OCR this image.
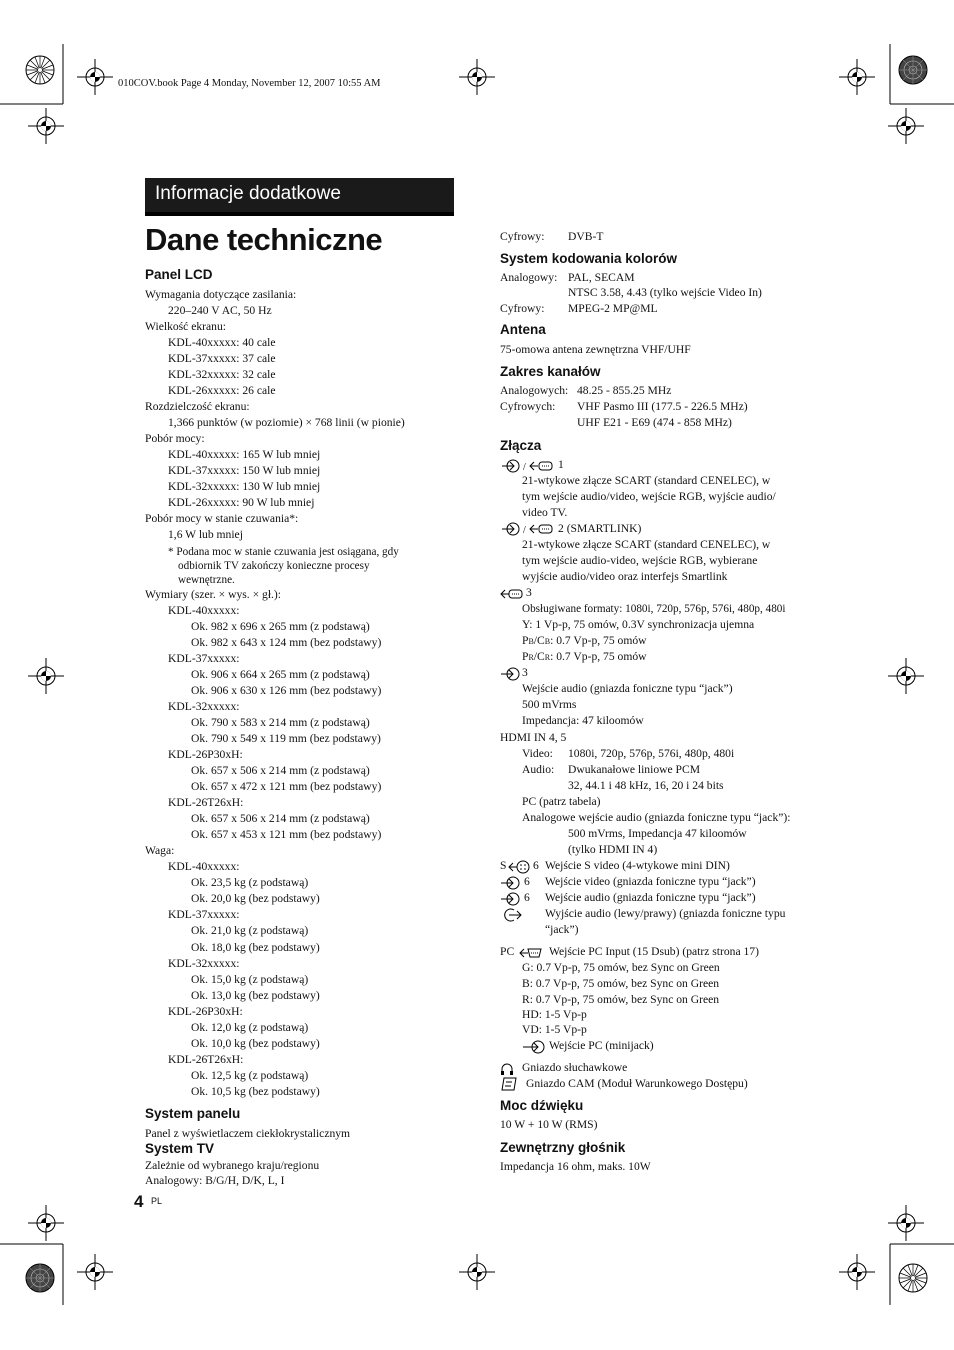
010COV.book Page 4 Monday, November 12, 2007 10:55 AM
Informacje dodatkowe
Dane techniczne
Panel LCD
Wymagania dotyczące zasilania:
220–240 V AC, 50 Hz
Wielkość ekranu:
KDL-40xxxxx: 40 cale
KDL-37xxxxx: 37 cale
KDL-32xxxxx: 32 cale
KDL-26xxxxx: 26 cale
Rozdzielczość ekranu:
1,366 punktów (w poziomie) × 768 linii (w pionie)
Pobór mocy:
KDL-40xxxxx: 165 W lub mniej
KDL-37xxxxx: 150 W lub mniej
KDL-32xxxxx: 130 W lub mniej
KDL-26xxxxx: 90 W lub mniej
Pobór mocy w stanie czuwania*:
1,6 W lub mniej
* Podana moc w stanie czuwania jest osiągana, gdy
odbiornik TV zakończy konieczne procesy
wewnętrzne.
Wymiary (szer. × wys. × gł.):
KDL-40xxxxx:
Ok. 982 x 696 x 265 mm (z podstawą)
Ok. 982 x 643 x 124 mm (bez podstawy)
KDL-37xxxxx:
Ok. 906 x 664 x 265 mm (z podstawą)
Ok. 906 x 630 x 126 mm (bez podstawy)
KDL-32xxxxx:
Ok. 790 x 583 x 214 mm (z podstawą)
Ok. 790 x 549 x 119 mm (bez podstawy)
KDL-26P30xH:
Ok. 657 x 506 x 214 mm (z podstawą)
Ok. 657 x 472 x 121 mm (bez podstawy)
KDL-26T26xH:
Ok. 657 x 506 x 214 mm (z podstawą)
Ok. 657 x 453 x 121 mm (bez podstawy)
Waga:
KDL-40xxxxx:
Ok. 23,5 kg (z podstawą)
Ok. 20,0 kg (bez podstawy)
KDL-37xxxxx:
Ok. 21,0 kg (z podstawą)
Ok. 18,0 kg (bez podstawy)
KDL-32xxxxx:
Ok. 15,0 kg (z podstawą)
Ok. 13,0 kg (bez podstawy)
KDL-26P30xH:
Ok. 12,0 kg (z podstawą)
Ok. 10,0 kg (bez podstawy)
KDL-26T26xH:
Ok. 12,5 kg (z podstawą)
Ok. 10,5 kg (bez podstawy)
System panelu
Panel z wyświetlaczem ciekłokrystalicznym
System TV
Zależnie od wybranego kraju/regionu
Analogowy: B/G/H, D/K, L, I
4 PL
Cyfrowy: DVB-T
System kodowania kolorów
Analogowy: PAL, SECAM
NTSC 3.58, 4.43 (tylko wejście Video In)
Cyfrowy: MPEG-2 MP@ML
Antena
75-omowa antena zewnętrzna VHF/UHF
Zakres kanałów
Analogowych: 48.25 - 855.25 MHz
Cyfrowych: VHF Pasmo III (177.5 - 226.5 MHz)
UHF E21 - E69 (474 - 858 MHz)
Złącza
/	1
21-wtykowe złącze SCART (standard CENELEC), w
tym wejście audio/video, wejście RGB, wyjście audio/
video TV.
/	2 (SMARTLINK)
21-wtykowe złącze SCART (standard CENELEC), w
tym wejście audio-video, wejście RGB, wybierane
wyjście audio/video oraz interfejs Smartlink
3
Obsługiwane formaty: 1080i, 720p, 576p, 576i, 480p, 480i
Y: 1 Vp-p, 75 omów, 0.3V synchronizacja ujemna
PB/CB: 0.7 Vp-p, 75 omów
PR/CR: 0.7 Vp-p, 75 omów
3
Wejście audio (gniazda foniczne typu “jack”)
500 mVrms
Impedancja: 47 kiloomów
HDMI IN 4, 5
Video: 1080i, 720p, 576p, 576i, 480p, 480i
Audio: Dwukanałowe liniowe PCM
32, 44.1 i 48 kHz, 16, 20 i 24 bits
PC (patrz tabela)
Analogowe wejście audio (gniazda foniczne typu “jack”):
500 mVrms, Impedancja 47 kiloomów
(tylko HDMI IN 4)
S 6 Wejście S video (4-wtykowe mini DIN)
6 Wejście video (gniazda foniczne typu “jack”)
6 Wejście audio (gniazda foniczne typu “jack”)
Wyjście audio (lewy/prawy) (gniazda foniczne typu
“jack”)
PC	Wejście PC Input (15 Dsub) (patrz strona 17)
G: 0.7 Vp-p, 75 omów, bez Sync on Green
B: 0.7 Vp-p, 75 omów, bez Sync on Green
R: 0.7 Vp-p, 75 omów, bez Sync on Green
HD: 1-5 Vp-p
VD: 1-5 Vp-p
Wejście PC (minijack)
Gniazdo słuchawkowe
Gniazdo CAM (Moduł Warunkowego Dostępu)
Moc dźwięku
10 W + 10 W (RMS)
Zewnętrzny głośnik
Impedancja 16 ohm, maks. 10W
